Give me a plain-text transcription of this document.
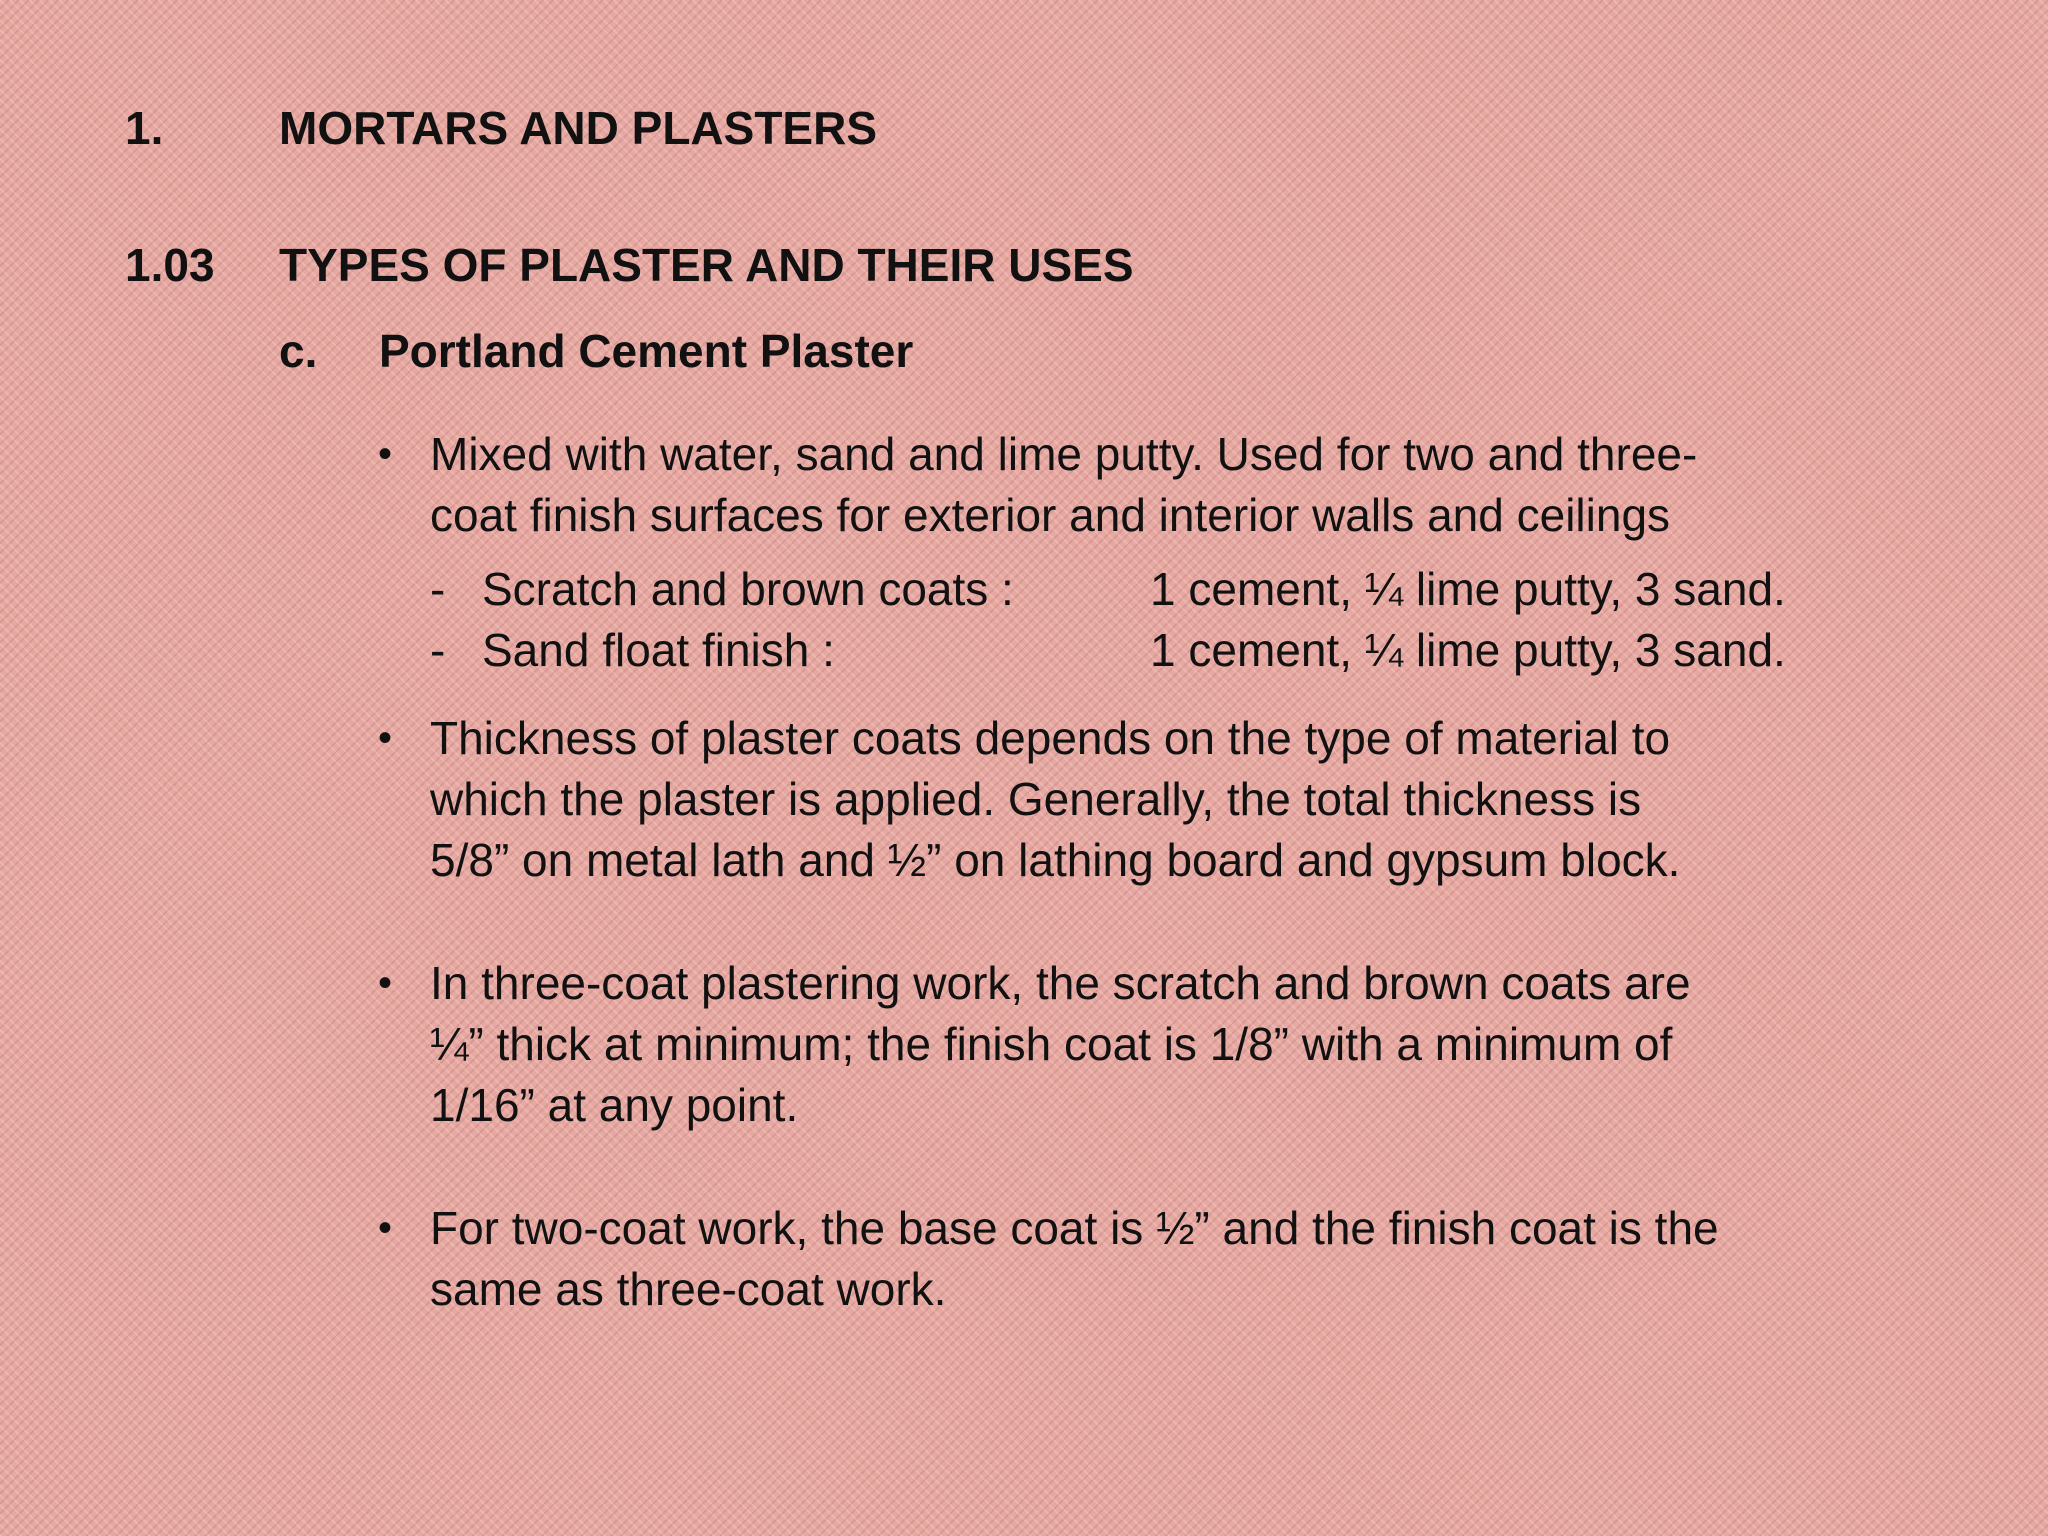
1.	MORTARS AND PLASTERS
1.03 TYPES OF PLASTER AND THEIR USES
c. Portland Cement Plaster
• Mixed with water, sand and lime putty. Used for two and three-
coat finish surfaces for exterior and interior walls and ceilings
- Scratch and brown coats :	1 cement, ¼ lime putty, 3 sand.
- Sand float finish :	1 cement, ¼ lime putty, 3 sand.
• Thickness of plaster coats depends on the type of material to
which the plaster is applied. Generally, the total thickness is
5/8” on metal lath and ½” on lathing board and gypsum block.
• In three-coat plastering work, the scratch and brown coats are
¼” thick at minimum; the finish coat is 1/8” with a minimum of
1/16” at any point.
• For two-coat work, the base coat is ½” and the finish coat is the
same as three-coat work.
